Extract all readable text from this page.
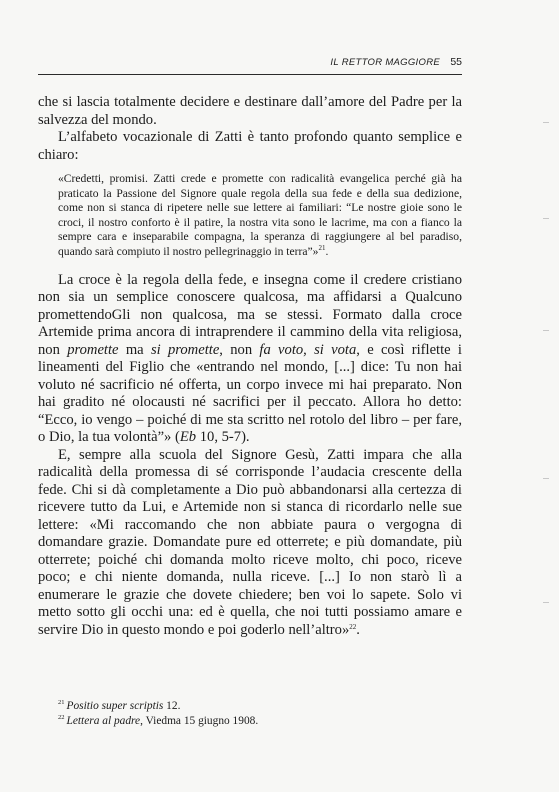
IL RETTOR MAGGIORE 55

che si lascia totalmente decidere e destinare dall’amore del Padre per la salvezza del mondo.

L’alfabeto vocazionale di Zatti è tanto profondo quanto semplice e chiaro:

«Credetti, promisi. Zatti crede e promette con radicalità evangelica perché già ha praticato la Passione del Signore quale regola della sua fede e della sua dedizione, come non si stanca di ripetere nelle sue lettere ai familiari: “Le nostre gioie sono le croci, il nostro conforto è il patire, la nostra vita sono le lacrime, ma con a fianco la sempre cara e inseparabile compagna, la speranza di raggiungere al bel paradiso, quando sarà compiuto il nostro pellegrinaggio in terra”»$^{21}$.

La croce è la regola della fede, e insegna come il credere cristiano non sia un semplice conoscere qualcosa, ma affidarsi a Qualcuno promettendoGli non qualcosa, ma se stessi. Formato dalla croce Artemide prima ancora di intraprendere il cammino della vita religiosa, non promette ma si promette, non fa voto, si vota, e così riflette i lineamenti del Figlio che «entrando nel mondo, [...] dice: Tu non hai voluto né sacrificio né offerta, un corpo invece mi hai preparato. Non hai gradito né olocausti né sacrifici per il peccato. Allora ho detto: “Ecco, io vengo – poiché di me sta scritto nel rotolo del libro – per fare, o Dio, la tua volontà”» (Eb 10, 5-7).

E, sempre alla scuola del Signore Gesù, Zatti impara che alla radicalità della promessa di sé corrisponde l’audacia crescente della fede. Chi si dà completamente a Dio può abbandonarsi alla certezza di ricevere tutto da Lui, e Artemide non si stanca di ricordarlo nelle sue lettere: «Mi raccomando che non abbiate paura o vergogna di domandare grazie. Domandate pure ed otterrete; e più domandate, più otterrete; poiché chi domanda molto riceve molto, chi poco, riceve poco; e chi niente domanda, nulla riceve. [...] Io non starò lì a enumerare le grazie che dovete chiedere; ben voi lo sapete. Solo vi metto sotto gli occhi una: ed è quella, che noi tutti possiamo amare e servire Dio in questo mondo e poi goderlo nell’altro»$^{22}$.

$^{21}$ Positio super scriptis 12.
$^{22}$ Lettera al padre, Viedma 15 giugno 1908.
